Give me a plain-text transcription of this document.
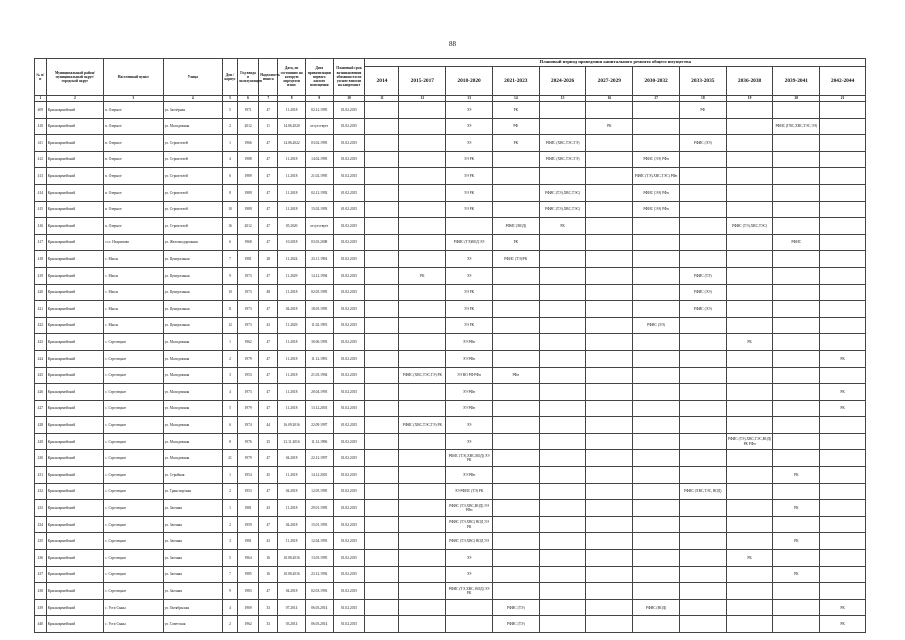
88
№ п/п	Муниципальный район/муниципальный округ/городской округ	Населенный пункт	Улица	Дом / корпус	Год ввода в эксплуатацию	Надежность износа	Дата, по состоянию на которую определен износ	Дата приватизации первого жилого помещения	Плановый срок возникновения обязанности по уплате взносов на капремонт	Плановый период проведения капитального ремонта общего имущества										
										2014	2015-2017	2018-2020	2021-2023	2024-2026	2027-2029	2030-2032	2033-2035	2036-2038	2039-2041	2042-2044
1	2	3	4	5	6	7	8	9	10	11	12	13	14	15	16	17	18	19	20	21
409	Красноармейский	п. Озерное	ул. Заозёрная	5	1971	47	11.2018	02.12.1995	01.02.2015			ЭЭ	РК				РФ			
410	Красноармейский	п. Озерное	ул. Молодежная	2	2012	11	14.06.2020	отсутствует	01.02.2015			ЭЭ	РФ		РК				РФИС (ГВС,ХВС,ТЭС,ЭЭ)	
411	Красноармейский	п. Озерное	ул. Строителей	1	1966	47	14.06.2022	03.02.1995	01.02.2015			ЭЭ	РК	РФИС (ХВС,ТЭС,ТЭ)			РФИС (ЭЭ)			
412	Красноармейский	п. Озерное	ул. Строителей	4	1988	47	11.2018	14.02.1995	01.02.2015			ЭЭ РК		РФИС (ХВС,ТЭС,ТЭ)		РФИС (ЭЭ) РФп				
413	Красноармейский	п. Озерное	ул. Строителей	6	1989	47	11.2018	21.02.1995	01.02.2015			ЭЭ РК				РФИС (ТЭ),ХВС,ТЭС) РФп				
414	Красноармейский	п. Озерное	ул. Строителей	8	1989	47	11.2018	02.12.1992	01.02.2015			ЭЭ РК		РФИС (ТЭ),ХВС,ТЭС)		РФИС (ЭЭ) РФп				
415	Красноармейский	п. Озерное	ул. Строителей	10	1989	47	11.2018	15.02.1993	01.02.2015			ЭЭ РК		РФИС (ТЭ),ХВС,ТЭС)		РФИС (ЭЭ) РФп				
416	Красноармейский	п. Озерное	ул. Строителей	16	2012	47	05.2020	отсутствует	01.02.2015				РФИС (ВОД)	РК				РФИС (ТЭ),ХВС,ТЭС)		
417	Красноармейский	с.ст. Нахрипово	ул. Железнодорожная	6	1968	47	10.2018	03.03.2008	01.02.2015			РФИС (ТЭ)ВОД ЭЭ	РК						РФИС	
418	Красноармейский	с. Мысы	ул. Центральная	7	1981	28	11.2024	23.11.1994	01.02.2015			ЭЭ	РФИС (ТЭ)/РК							
419	Красноармейский	с. Мысы	ул. Центральная	9	1973	47	11.2029	14.12.1994	01.02.2015		РК	ЭЭ					РФИС (ТЭ)			
420	Красноармейский	с. Мысы	ул. Центральная	10	1973	48	11.2018	02.05.1995	01.02.2015			ЭЭ РК					РФИС (ЭЭ)			
421	Красноармейский	с. Мысы	ул. Центральная	11	1973	47	04.2018	18.05.1995	01.02.2015			ЭЭ РК					РФИС (ЭЭ)			
422	Красноармейский	с. Мысы	ул. Центральная	12	1973	43	11.2029	11.02.1993	01.02.2015			ЭЭ РК				РФИС (ЭЭ)				
423	Красноармейский	с. Стрелецкое	ул. Молодежная	1	1962	47	11.2018	30.06.1993	01.02.2015			ЭЭ РФп						РК		
424	Красноармейский	с. Стрелецкое	ул. Молодежная	2	1979	47	11.2018	11.12.1993	01.02.2015			ЭЭ РФп								РК
425	Красноармейский	с. Стрелецкое	ул. Молодежная	3	1953	47	11.2018	21.03.1994	01.02.2015		РФИС (ХВС,ТЭС,ТЭ) РК	ЭЭ ВО РФ РФп	РФп							
426	Красноармейский	с. Стрелецкое	ул. Молодежная	4	1973	47	11.2018	20.04.1993	01.02.2015			ЭЭ РФп								РК
427	Красноармейский	с. Стрелецкое	ул. Молодежная	5	1979	47	11.2018	13.12.2001	01.02.2015			ЭЭ РФп								РК
428	Красноармейский	с. Стрелецкое	ул. Молодежная	6	1974	44	16.09.2016	22.09.1997	01.02.2015		РФИС (ХВС,ТЭС,ТЭ) РК	ЭЭ								
429	Красноармейский	с. Стрелецкое	ул. Молодежная	8	1976	25	21.11.2016	11.12.1996	01.02.2015			ЭЭ						РФИС (ТЭ),ХВС,ТЭС,ВОД) РК РФп		
430	Красноармейский	с. Стрелецкое	ул. Молодежная	21	1979	47	04.2018	22.12.1997	01.02.2015			РФИС (ТЭ),ХВС,ВОД) ЭЭ РК								
431	Красноармейский	с. Стрелецкое	ул. Стройная	1	1954	45	11.2018	14.12.2001	01.02.2015			ЭЭ РФп							РК	
432	Красноармейский	с. Стрелецкое	ул. Транспортная	2	1953	47	04.2018	12.05.1995	01.02.2015			ЭЭ РФИС (ТЭ) РК					РФИС (ХВС,ТЭС, ВОД)			
433	Красноармейский	с. Стрелецкое	ул. Заочная	1	1981	43	11.2018	29.01.1995	01.02.2015			РФИС (ТЭ,ХВС,ВОД) ЭЭ РФп							РК	
434	Красноармейский	с. Стрелецкое	ул. Заочная	2	1959	47	04.2018	15.01.1993	01.02.2015			РФИС (ТЭ,ХВС) ВОД ЭЭ РК								
435	Красноармейский	с. Стрелецкое	ул. Заочная	3	1981	43	11.2018	12.04.1993	01.02.2015			РФИС (ТЭ,ХВС) ВОД ЭЭ							РК	
436	Красноармейский	с. Стрелецкое	ул. Заочная	5	1964	16	10.08.2016	13.03.1995	01.02.2015			ЭЭ						РК		
437	Красноармейский	с. Стрелецкое	ул. Заочная	7	1985	16	10.08.2016	23.12.1992	01.02.2015			ЭЭ							РК	
438	Красноармейский	с. Стрелецкое	ул. Заочная	9	1983	47	04.2018	02.03.1993	01.02.2015			РФИС (ТЭ,ХВС, ВОД) ЭЭ РК								
439	Красноармейский	с. Усть-Сыны	ул. Октябрьская	4	1969	33	07.2014	06.03.2014	01.02.2015				РФИС (ТЭ)			РФИС (ВОД)				РК
440	Красноармейский	с. Усть-Сыны	ул. Советская	2	1962	33	03.2014	06.03.2014	01.02.2015				РФИС (ТЭ)							РК
